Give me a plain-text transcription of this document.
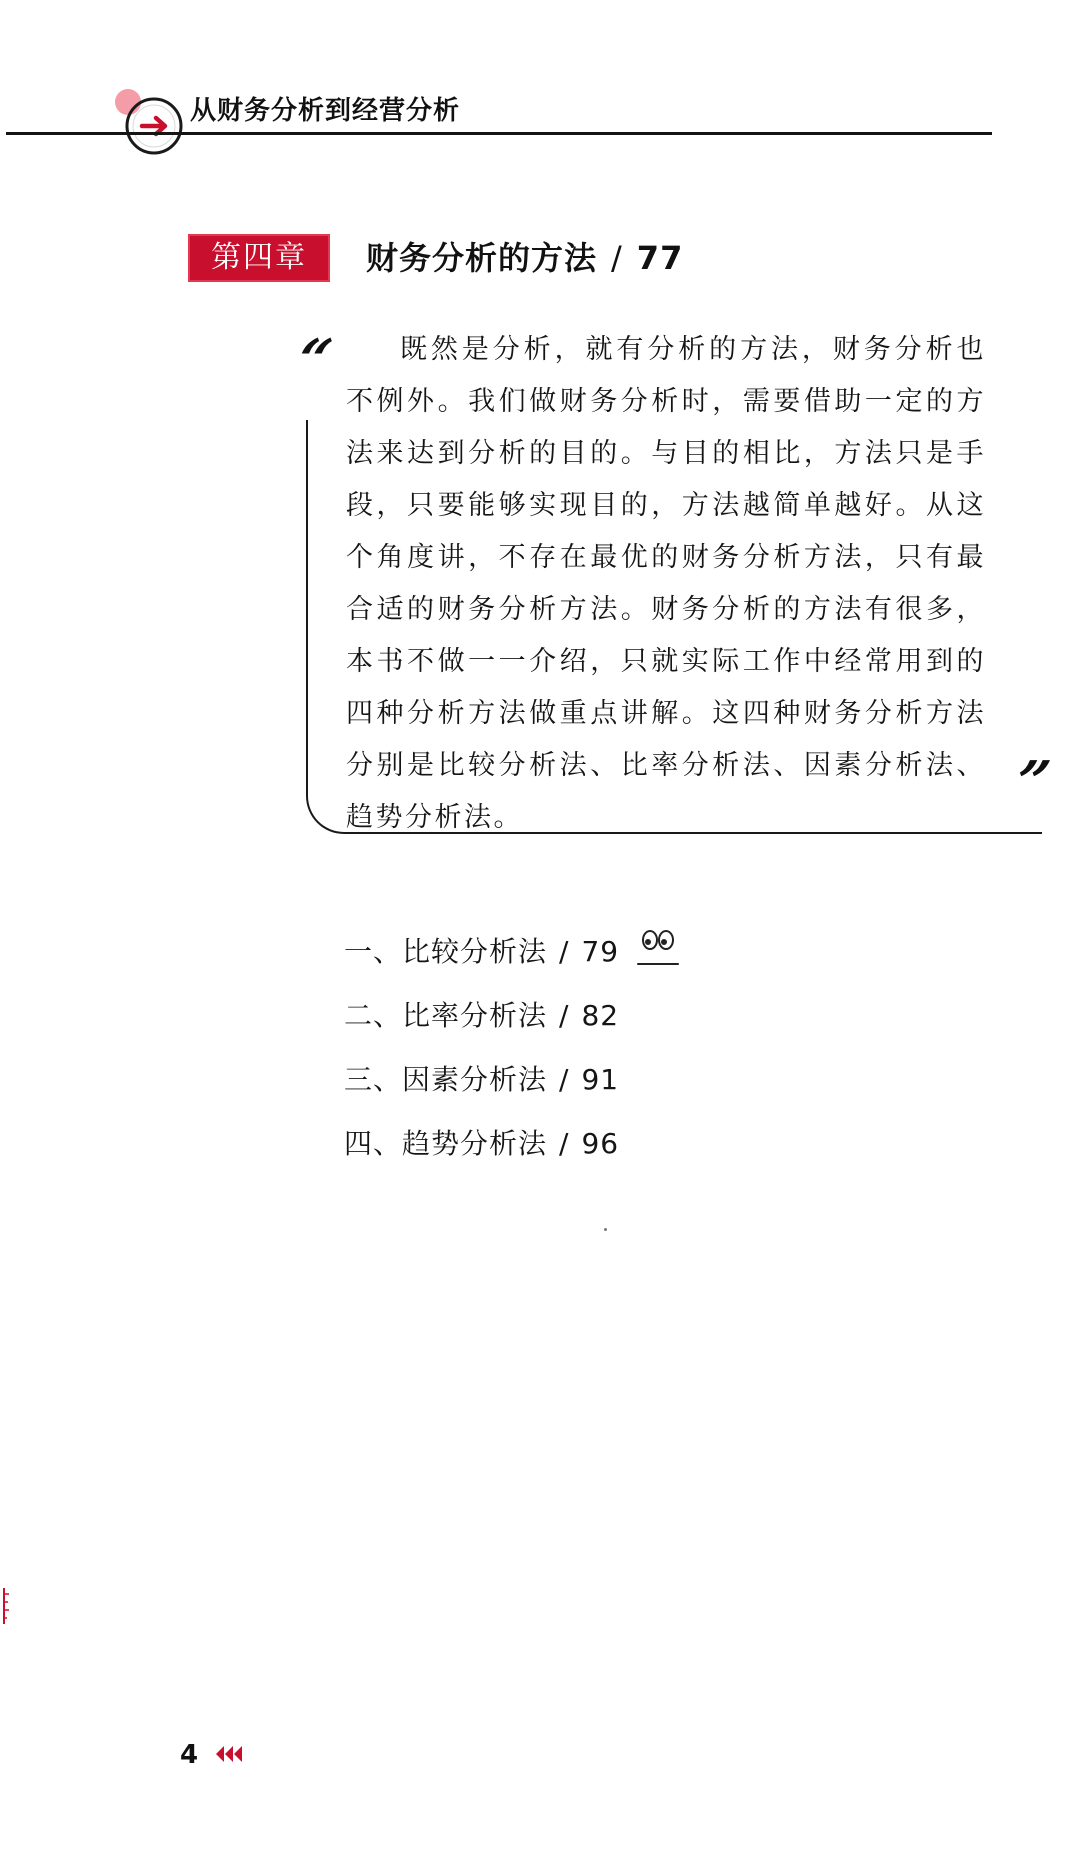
从财务分析到经营分析
第四章	财务分析的方法 / 77
“	既然是分析，就有分析的方法，财务分析也不例外。我们做财务分析时，需要借助一定的方法来达到分析的目的。与目的相比，方法只是手段，只要能够实现目的，方法越简单越好。从这个角度讲，不存在最优的财务分析方法，只有最合适的财务分析方法。财务分析的方法有很多，本书不做一一介绍，只就实际工作中经常用到的四种分析方法做重点讲解。这四种财务分析方法分别是比较分析法、比率分析法、因素分析法、趋势分析法。
”
一、比较分析法 / 79
二、比率分析法 / 82
三、因素分析法 / 91
四、趋势分析法 / 96
4
